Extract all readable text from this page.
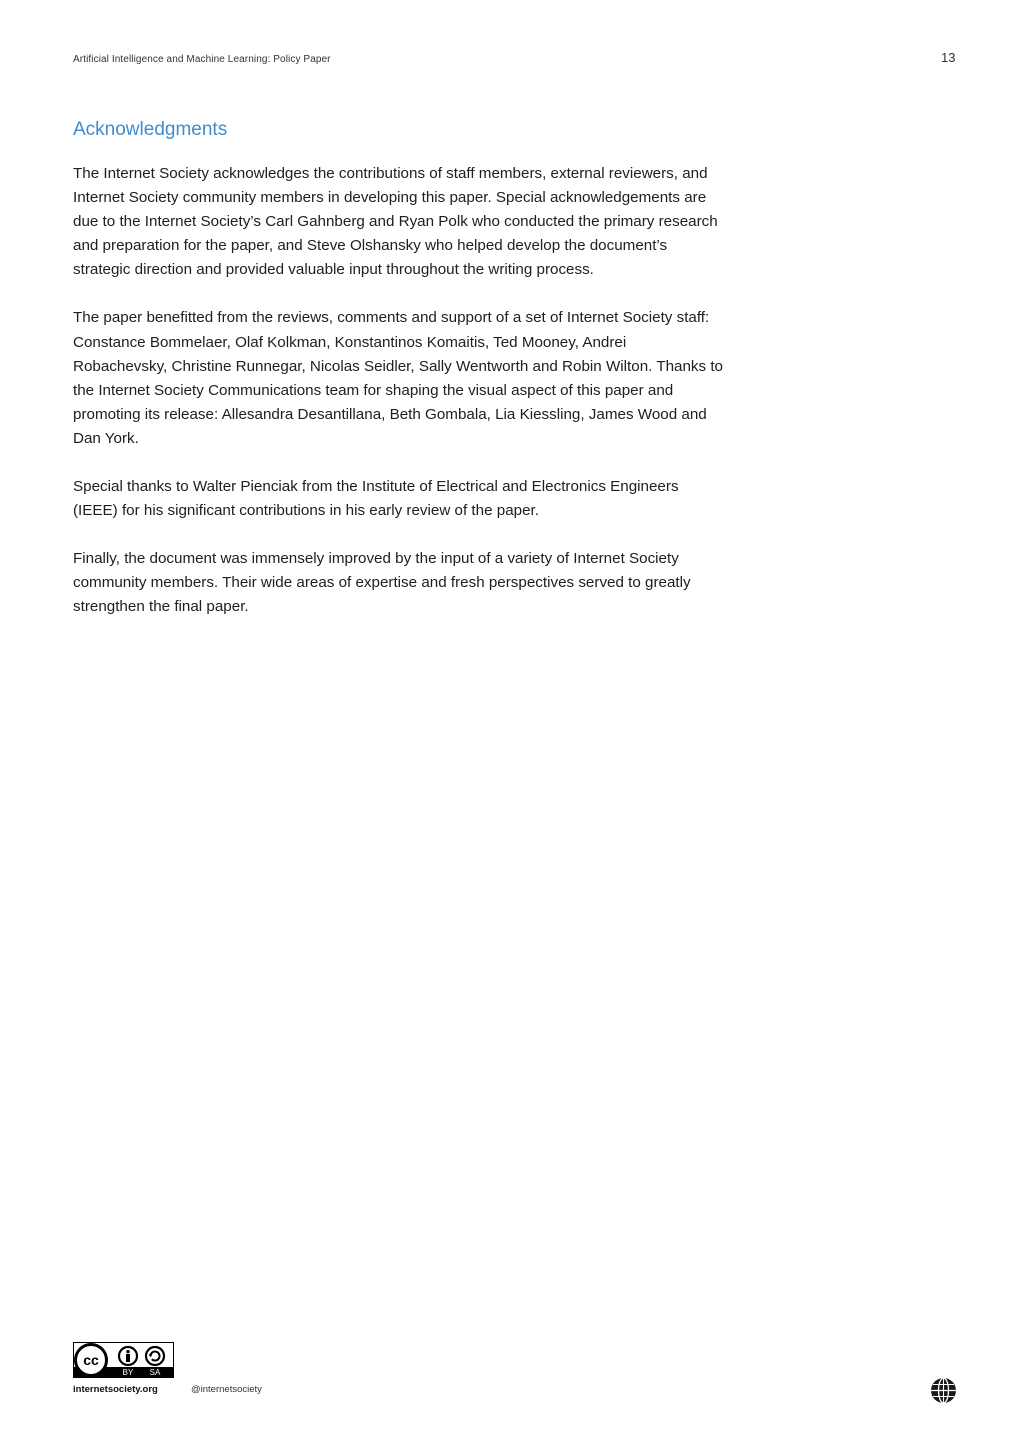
Artificial Intelligence and Machine Learning: Policy Paper	13
Acknowledgments

The Internet Society acknowledges the contributions of staff members, external reviewers, and Internet Society community members in developing this paper. Special acknowledgements are due to the Internet Society’s Carl Gahnberg and Ryan Polk who conducted the primary research and preparation for the paper, and Steve Olshansky who helped develop the document’s strategic direction and provided valuable input throughout the writing process.

The paper benefitted from the reviews, comments and support of a set of Internet Society staff: Constance Bommelaer, Olaf Kolkman, Konstantinos Komaitis, Ted Mooney, Andrei Robachevsky, Christine Runnegar, Nicolas Seidler, Sally Wentworth and Robin Wilton. Thanks to the Internet Society Communications team for shaping the visual aspect of this paper and promoting its release: Allesandra Desantillana, Beth Gombala, Lia Kiessling, James Wood and Dan York.

Special thanks to Walter Pienciak from the Institute of Electrical and Electronics Engineers (IEEE) for his significant contributions in his early review of the paper.

Finally, the document was immensely improved by the input of a variety of Internet Society community members. Their wide areas of expertise and fresh perspectives served to greatly strengthen the final paper.

cc
BY SA
internetsociety.org	@internetsociety
